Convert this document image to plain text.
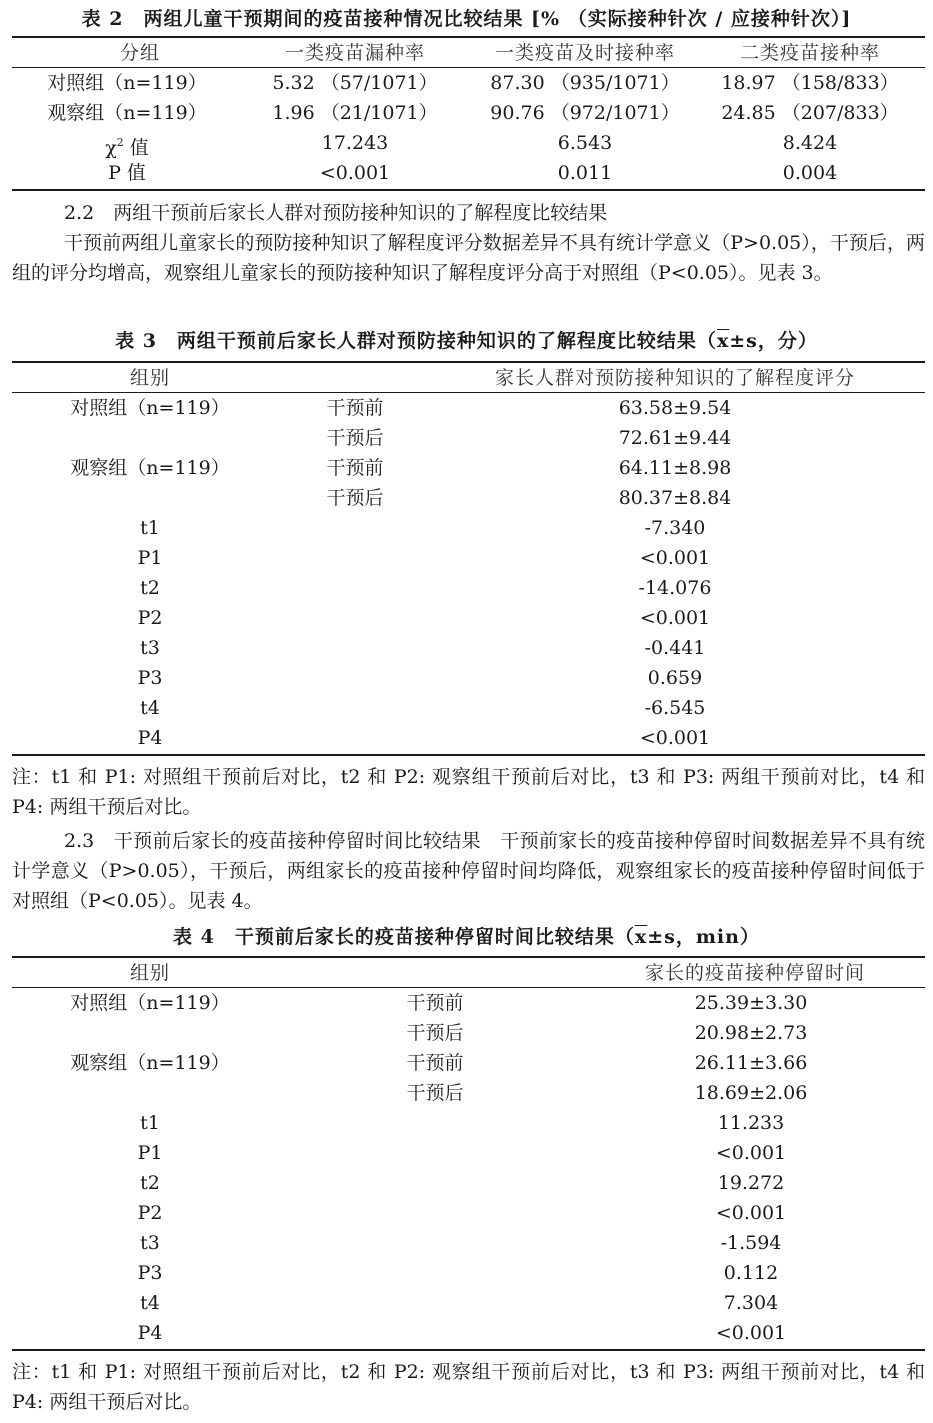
表 2　两组儿童干预期间的疫苗接种情况比较结果 [% （实际接种针次 / 应接种针次）]
分组	一类疫苗漏种率	一类疫苗及时接种率	二类疫苗接种率
对照组（n=119）	5.32 （57/1071）	87.30 （935/1071）	18.97 （158/833）
观察组（n=119）	1.96 （21/1071）	90.76 （972/1071）	24.85 （207/833）
$\chi^2$ 值	17.243	6.543	8.424
P 值	<0.001	0.011	0.004
2.2　两组干预前后家长人群对预防接种知识的了解程度比较结果
干预前两组儿童家长的预防接种知识了解程度评分数据差异不具有统计学意义（P>0.05），干预后，两组的评分均增高，观察组儿童家长的预防接种知识了解程度评分高于对照组（P<0.05）。见表 3。
表 3　两组干预前后家长人群对预防接种知识的了解程度比较结果（$\overline{x}\pm s$，分）
组别	家长人群对预防接种知识的了解程度评分
对照组（n=119）	干预前	63.58±9.54
干预后	72.61±9.44
观察组（n=119）	干预前	64.11±8.98
干预后	80.37±8.84
t1	-7.340
P1	<0.001
t2	-14.076
P2	<0.001
t3	-0.441
P3	0.659
t4	-6.545
P4	<0.001
注：t1 和 P1: 对照组干预前后对比，t2 和 P2: 观察组干预前后对比，t3 和 P3: 两组干预前对比，t4 和 P4: 两组干预后对比。
2.3　干预前后家长的疫苗接种停留时间比较结果　干预前家长的疫苗接种停留时间数据差异不具有统计学意义（P>0.05），干预后，两组家长的疫苗接种停留时间均降低，观察组家长的疫苗接种停留时间低于对照组（P<0.05）。见表 4。
表 4　干预前后家长的疫苗接种停留时间比较结果（$\overline{x}\pm s$，min）
组别	家长的疫苗接种停留时间
对照组（n=119）	干预前	25.39±3.30
干预后	20.98±2.73
观察组（n=119）	干预前	26.11±3.66
干预后	18.69±2.06
t1	11.233
P1	<0.001
t2	19.272
P2	<0.001
t3	-1.594
P3	0.112
t4	7.304
P4	<0.001
注：t1 和 P1: 对照组干预前后对比，t2 和 P2: 观察组干预前后对比，t3 和 P3: 两组干预前对比，t4 和 P4: 两组干预后对比。
